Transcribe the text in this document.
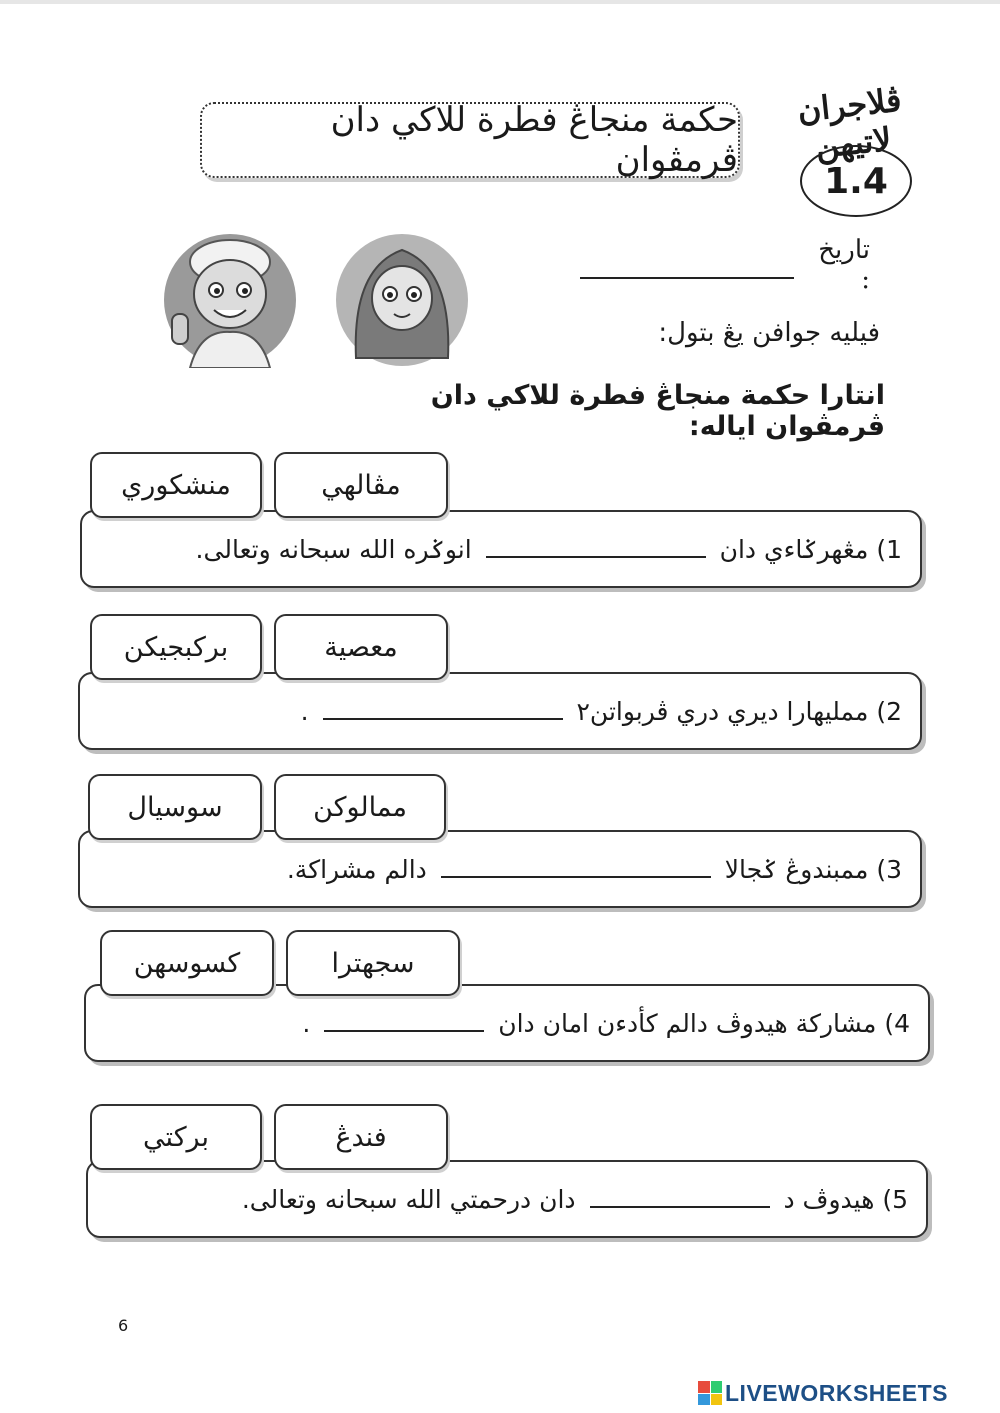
حكمة منجاڠ فطرة للاكي دان ڤرمڤوان
ڤلاجران لاتيهن
1.4
تاريخ :
فيليه جوافن يڠ بتول:
انتارا حكمة منجاڠ فطرة للاكي دان ڤرمڤوان اياله:
منشكوري	مڤالهي
1) مڠهرݢاءي دان  انوݢره الله سبحانه وتعالى.
بركبجيكن	معصية
2) ممليهارا ديري دري ڤربواتن٢  .
سوسيال	ممالوكن
3) ممبندوڠ ݢجالا  دالم مشراكة.
كسوسهن	سجهترا
4) مشاركة هيدوڤ دالم كأدءن امان دان  .
بركتي	فندڠ
5) هيدوڤ د  دان درحمتي الله سبحانه وتعالى.
6
LIVEWORKSHEETS
